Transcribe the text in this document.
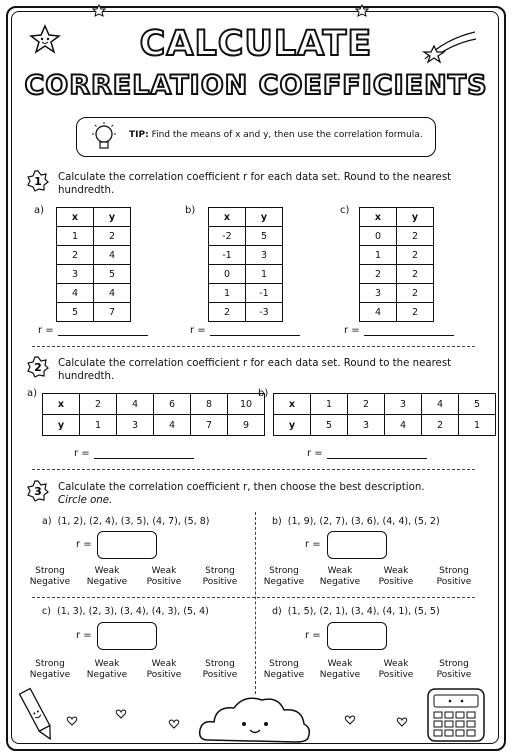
CALCULATE
CORRELATION COEFFICIENTS
TIP: Find the means of x and y, then use the correlation formula.
1 Calculate the correlation coefficient r for each data set. Round to the nearest hundredth.
a)	b)	c)
x	y
1	2
2	4
3	5
4	4
5	7
x	y
-2	5
-1	3
0	1
1	-1
2	-3
x	y
0	2
1	2
2	2
3	2
4	2
r =	r =	r =
2 Calculate the correlation coefficient r for each data set. Round to the nearest hundredth.
a)	b)
x	2	4	6	8	10
y	1	3	4	7	9
x	1	2	3	4	5
y	5	3	4	2	1
r =	r =
3 Calculate the correlation coefficient r, then choose the best description.
Circle one.
a) (1, 2), (2, 4), (3, 5), (4, 7), (5, 8)
r =
Strong
Negative
Weak
Negative
Weak
Positive
Strong
Positive
b) (1, 9), (2, 7), (3, 6), (4, 4), (5, 2)
r =
Strong
Negative
Weak
Negative
Weak
Positive
Strong
Positive
c) (1, 3), (2, 3), (3, 4), (4, 3), (5, 4)
r =
Strong
Negative
Weak
Negative
Weak
Positive
Strong
Positive
d) (1, 5), (2, 1), (3, 4), (4, 1), (5, 5)
r =
Strong
Negative
Weak
Negative
Weak
Positive
Strong
Positive
